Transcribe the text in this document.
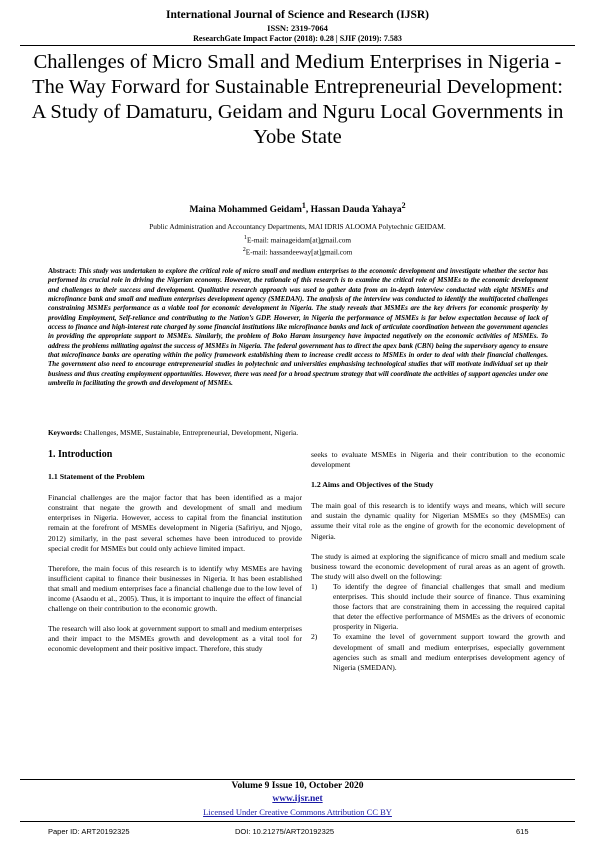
International Journal of Science and Research (IJSR)
ISSN: 2319-7064
ResearchGate Impact Factor (2018): 0.28 | SJIF (2019): 7.583
Challenges of Micro Small and Medium Enterprises in Nigeria - The Way Forward for Sustainable Entrepreneurial Development: A Study of Damaturu, Geidam and Nguru Local Governments in Yobe State
Maina Mohammed Geidam$^1$, Hassan Dauda Yahaya$^2$
Public Administration and Accountancy Departments, MAI IDRIS ALOOMA Polytechnic GEIDAM.
$^1$E-mail: mainageidam[at]gmail.com
$^2$E-mail: hassandeeway[at]gmail.com
Abstract: This study was undertaken to explore the critical role of micro small and medium enterprises to the economic development and investigate whether the sector has performed its crucial role in driving the Nigerian economy. However, the rationale of this research is to examine the critical role of MSMEs to the economic development and challenges to their success and development. Qualitative research approach was used to gather data from an in-depth interview conducted with eight MSMEs and microfinance bank and small and medium enterprises development agency (SMEDAN). The analysis of the interview was conducted to identify the multifaceted challenges constraining MSMEs performance as a viable tool for economic development in Nigeria. The study reveals that MSMEs are the key drivers for economic prosperity by providing Employment, Self-reliance and contributing to the Nation’s GDP. However, in Nigeria the performance of MSMEs is far below expectation because of lack of access to finance and high-interest rate charged by some financial institutions like microfinance banks and lack of articulate coordination between the government agencies in providing the appropriate support to MSMEs. Similarly, the problem of Boko Haram insurgency have impacted negatively on the economic activities of MSMEs. To address the problems militating against the success of MSMEs in Nigeria. The federal government has to direct the apex bank (CBN) being the supervisory agency to ensure that microfinance banks are operating within the policy framework establishing them to increase credit access to MSMEs in order to deal with their financial challenges. The government also need to encourage entrepreneurial studies in polytechnic and universities emphasising technological studies that will motivate individual set up their business and thus creating employment opportunities. However, there was need for a broad spectrum strategy that will coordinate the activities of support agencies under one umbrella in facilitating the growth and development of MSMEs.
Keywords: Challenges, MSME, Sustainable, Entrepreneurial, Development, Nigeria.
1. Introduction
1.1 Statement of the Problem

Financial challenges are the major factor that has been identified as a major constraint that negate the growth and development of small and medium enterprises in Nigeria. However, access to capital from the financial institution remain at the forefront of MSMEs development in Nigeria (Safiriyu, and Njogo, 2012) similarly, in the past several schemes have been introduced to provide special credit for MSMEs but could only achieve limited impact.

Therefore, the main focus of this research is to identify why MSMEs are having insufficient capital to finance their businesses in Nigeria. It has been established that small and medium enterprises face a financial challenge due to the low level of income (Asaodu et al., 2005). Thus, it is important to inquire the effect of financial challenge on their contribution to the economic growth.

The research will also look at government support to small and medium enterprises and their impact to the MSMEs growth and development as a vital tool for economic development and their positive impact. Therefore, this study

seeks to evaluate MSMEs in Nigeria and their contribution to the economic development

1.2 Aims and Objectives of the Study

The main goal of this research is to identify ways and means, which will secure and sustain the dynamic quality for Nigerian MSMEs so they (MSMEs) can assume their vital role as the engine of growth for the economic development of Nigeria.

The study is aimed at exploring the significance of micro small and medium scale business toward the economic development of rural areas as an agent of growth. The study will also dwell on the following:

1) To identify the degree of financial challenges that small and medium enterprises. This should include their source of finance. Thus examining those factors that are constraining them in accessing the required capital that deter the effective performance of MSMEs as the drivers of economic prosperity in Nigeria.
2) To examine the level of government support toward the growth and development of small and medium enterprises, especially government agencies such as small and medium enterprises development agency of Nigeria (SMEDAN).
Volume 9 Issue 10, October 2020
www.ijsr.net
Licensed Under Creative Commons Attribution CC BY
Paper ID: ART20192325	DOI: 10.21275/ART20192325	615
